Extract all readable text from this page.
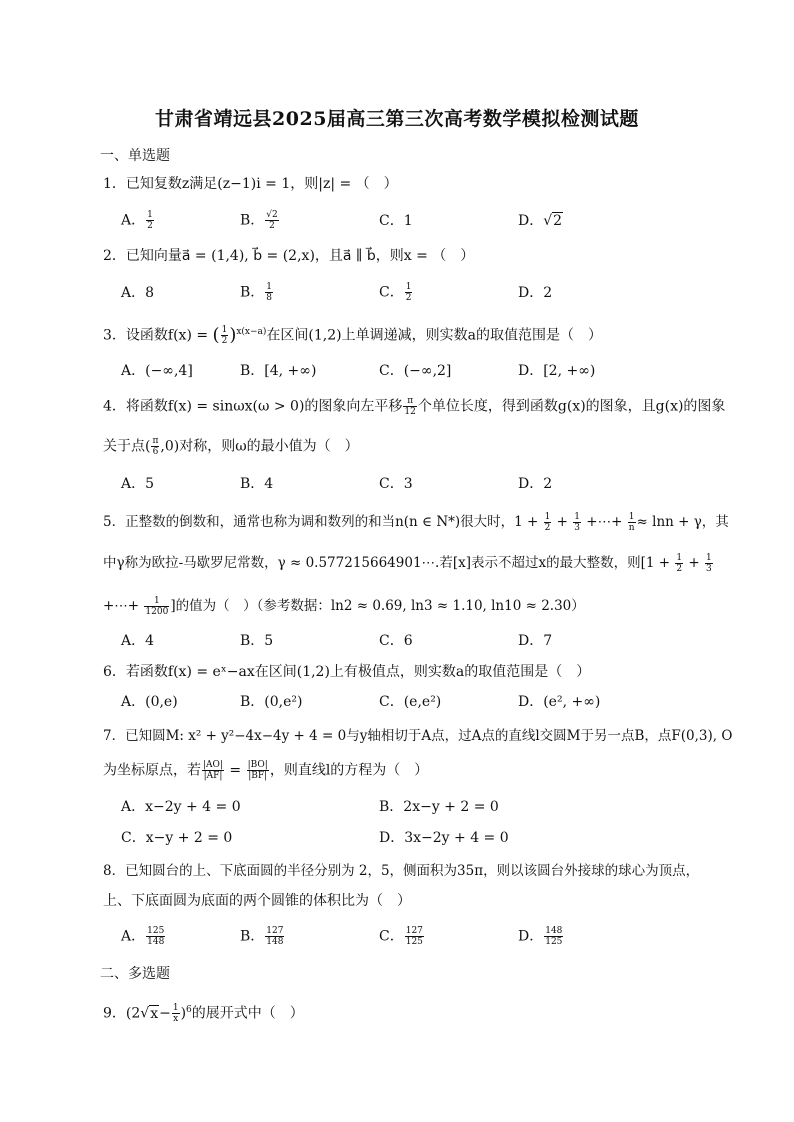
甘肃省靖远县2025届高三第三次高考数学模拟检测试题
一、单选题
1．已知复数z满足(z−1)i = 1，则|z| = （　）
A． $\frac{1}{2}$	B． $\frac{√2}{2}$	C．1	D．√2
2．已知向量a⃗ = (1,4), b⃗ = (2,x)，且a⃗ ∥ b⃗，则x = （　）
A．8	B． $\frac{1}{8}$	C． $\frac{1}{2}$	D．2
3．设函数f(x) = ( $\frac{1}{2} )^{x(x-a)}$在区间(1,2)上单调递减，则实数a的取值范围是（　）
A．(−∞,4]	B．[4, +∞)	C．(−∞,2]	D．[2, +∞)
4．将函数f(x) = sinωx(ω > 0)的图象向左平移 $\frac{\pi}{12}$ 个单位长度，得到函数g(x)的图象，且g(x)的图象
关于点( $\frac{\pi}{6} ,0$)对称，则ω的最小值为（　）
A．5	B．4	C．3	D．2
5．正整数的倒数和，通常也称为调和数列的和当n(n ∈ N*)很大时，$1 + \frac{1}{2} + \frac{1}{3}$ +⋯+ $\frac{1}{n} \approx \ln n + \gamma$，其
中γ称为欧拉-马歇罗尼常数，γ ≈ 0.577215664901⋯.若[x]表示不超过x的最大整数，则[$1 + \frac{1}{2} + \frac{1}{3}$
+⋯+ $\frac{1}{1200}$ ]的值为（　）（参考数据：ln2 ≈ 0.69, ln3 ≈ 1.10, ln10 ≈ 2.30）
A．4	B．5	C．6	D．7
6．若函数f(x) = eˣ−ax在区间(1,2)上有极值点，则实数a的取值范围是（　）
A．(0,e)	B．(0,e²)	C．(e,e²)	D．(e², +∞)
7．已知圆M: x² + y²−4x−4y + 4 = 0与y轴相切于A点，过A点的直线l交圆M于另一点B，点F(0,3), O
为坐标原点，若 $\frac{|AO|}{|AF|} = \frac{|BO|}{|BF|}$ ，则直线l的方程为（　）
A．x−2y + 4 = 0	B．2x−y + 2 = 0
C．x−y + 2 = 0	D．3x−2y + 4 = 0
8．已知圆台的上、下底面圆的半径分别为 2，5，侧面积为35π，则以该圆台外接球的球心为顶点，
上、下底面圆为底面的两个圆锥的体积比为（　）
A． $\frac{125}{148}$	B． $\frac{127}{148}$	C． $\frac{127}{125}$	D． $\frac{148}{125}$
二、多选题
9．$(2√x- \frac{1}{x} )^6$的展开式中（　）
